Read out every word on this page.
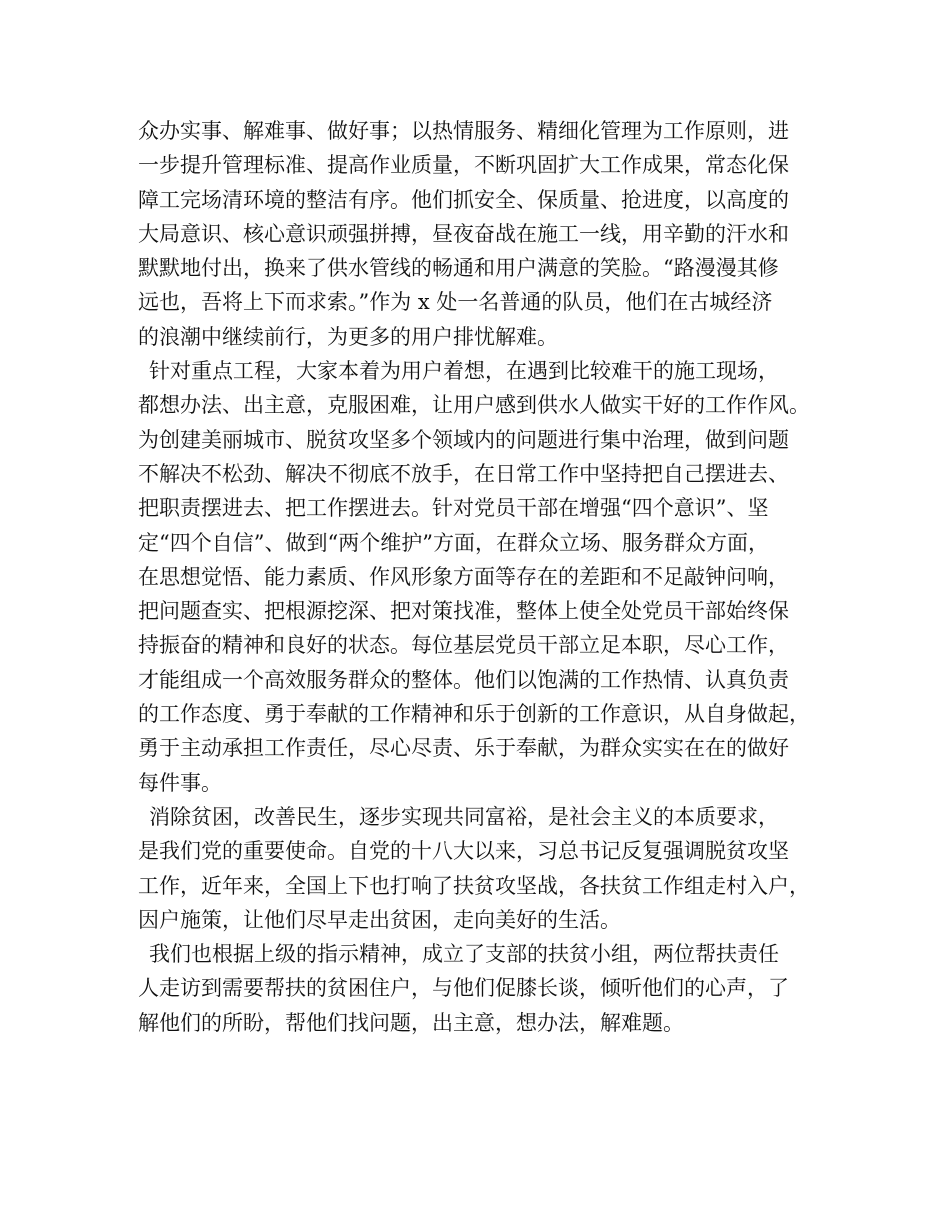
众办实事、解难事、做好事；以热情服务、精细化管理为工作原则，进
一步提升管理标准、提高作业质量，不断巩固扩大工作成果，常态化保
障工完场清环境的整洁有序。他们抓安全、保质量、抢进度，以高度的
大局意识、核心意识顽强拼搏，昼夜奋战在施工一线，用辛勤的汗水和
默默地付出，换来了供水管线的畅通和用户满意的笑脸。“路漫漫其修
远也，吾将上下而求索。”作为 x 处一名普通的队员，他们在古城经济
的浪潮中继续前行，为更多的用户排忧解难。
针对重点工程，大家本着为用户着想，在遇到比较难干的施工现场，
都想办法、出主意，克服困难，让用户感到供水人做实干好的工作作风。
为创建美丽城市、脱贫攻坚多个领域内的问题进行集中治理，做到问题
不解决不松劲、解决不彻底不放手，在日常工作中坚持把自己摆进去、
把职责摆进去、把工作摆进去。针对党员干部在增强“四个意识”、坚
定“四个自信”、做到“两个维护”方面，在群众立场、服务群众方面，
在思想觉悟、能力素质、作风形象方面等存在的差距和不足敲钟问响，
把问题查实、把根源挖深、把对策找准，整体上使全处党员干部始终保
持振奋的精神和良好的状态。每位基层党员干部立足本职，尽心工作，
才能组成一个高效服务群众的整体。他们以饱满的工作热情、认真负责
的工作态度、勇于奉献的工作精神和乐于创新的工作意识，从自身做起，
勇于主动承担工作责任，尽心尽责、乐于奉献，为群众实实在在的做好
每件事。
消除贫困，改善民生，逐步实现共同富裕，是社会主义的本质要求，
是我们党的重要使命。自党的十八大以来，习总书记反复强调脱贫攻坚
工作，近年来，全国上下也打响了扶贫攻坚战，各扶贫工作组走村入户，
因户施策，让他们尽早走出贫困，走向美好的生活。
我们也根据上级的指示精神，成立了支部的扶贫小组，两位帮扶责任
人走访到需要帮扶的贫困住户，与他们促膝长谈，倾听他们的心声，了
解他们的所盼，帮他们找问题，出主意，想办法，解难题。
